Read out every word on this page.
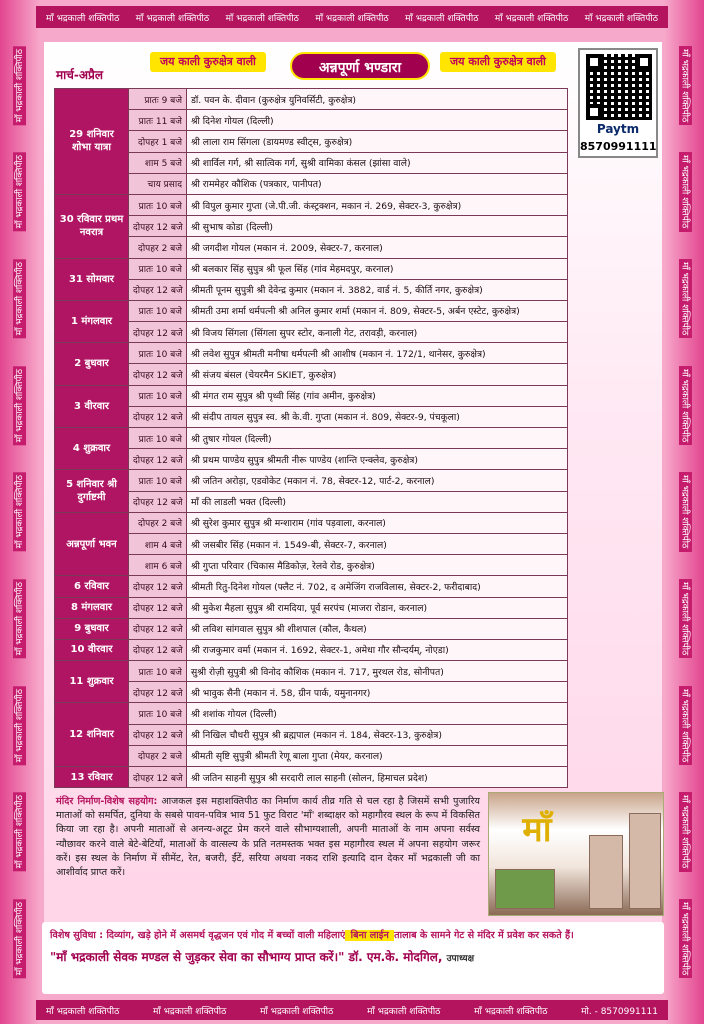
माँ भद्रकाली शक्तिपीठ माँ भद्रकाली शक्तिपीठ माँ भद्रकाली शक्तिपीठ माँ भद्रकाली शक्तिपीठ माँ भद्रकाली शक्तिपीठ माँ भद्रकाली शक्तिपीठ माँ भद्रकाली शक्तिपीठ
माँ भद्रकाली शक्तिपीठ
माँ भद्रकाली शक्तिपीठ
माँ भद्रकाली शक्तिपीठ
माँ भद्रकाली शक्तिपीठ
माँ भद्रकाली शक्तिपीठ
माँ भद्रकाली शक्तिपीठ
माँ भद्रकाली शक्तिपीठ
माँ भद्रकाली शक्तिपीठ
माँ भद्रकाली शक्तिपीठ
माँ भद्रकाली शक्तिपीठ
माँ भद्रकाली शक्तिपीठ
माँ भद्रकाली शक्तिपीठ
माँ भद्रकाली शक्तिपीठ
माँ भद्रकाली शक्तिपीठ
माँ भद्रकाली शक्तिपीठ
माँ भद्रकाली शक्तिपीठ
माँ भद्रकाली शक्तिपीठ
माँ भद्रकाली शक्तिपीठ
माँ भद्रकाली शक्तिपीठ	माँ भद्रकाली शक्तिपीठ	माँ भद्रकाली शक्तिपीठ	माँ भद्रकाली शक्तिपीठ	माँ भद्रकाली शक्तिपीठ	मो. - 8570991111
मार्च-अप्रैल
जय काली कुरुक्षेत्र वाली	अन्नपूर्णा भण्डारा	जय काली कुरुक्षेत्र वाली
Paytm
8570991111
29 शनिवार शोभा यात्रा	प्रातः 9 बजे	डॉ. पवन के. दीवान (कुरुक्षेत्र युनिवर्सिटी, कुरुक्षेत्र)
	प्रातः 11 बजे	श्री दिनेश गोयल (दिल्ली)
	दोपहर 1 बजे	श्री लाला राम सिंगला (डायमण्ड स्वीट्स, कुरुक्षेत्र)
	शाम 5 बजे	श्री शार्विल गर्ग, श्री सात्विक गर्ग, सुश्री वामिका कंसल (झांसा वाले)
	चाय प्रसाद	श्री राममेहर कौशिक (पत्रकार, पानीपत)
30 रविवार प्रथम नवरात्र	प्रातः 10 बजे	श्री विपुल कुमार गुप्ता (जे.पी.जी. कंस्ट्रक्शन, मकान नं. 269, सेक्टर-3, कुरुक्षेत्र)
	दोपहर 12 बजे	श्री सुभाष कोडा (दिल्ली)
	दोपहर 2 बजे	श्री जगदीश गोयल (मकान नं. 2009, सेक्टर-7, करनाल)
31 सोमवार	प्रातः 10 बजे	श्री बलकार सिंह सुपुत्र श्री फूल सिंह (गांव मेहमदपुर, करनाल)
	दोपहर 12 बजे	श्रीमती पूनम सुपुत्री श्री देवेन्द्र कुमार (मकान नं. 3882, वार्ड नं. 5, कीर्ति नगर, कुरुक्षेत्र)
1 मंगलवार	प्रातः 10 बजे	श्रीमती उमा शर्मा धर्मपत्नी श्री अनिल कुमार शर्मा (मकान नं. 809, सेक्टर-5, अर्बन एस्टेट, कुरुक्षेत्र)
	दोपहर 12 बजे	श्री विजय सिंगला (सिंगला सुपर स्टोर, कनाली गेट, तरावड़ी, करनाल)
2 बुधवार	प्रातः 10 बजे	श्री लवेश सुपुत्र श्रीमती मनीषा धर्मपत्नी श्री आशीष (मकान नं. 172/1, थानेसर, कुरुक्षेत्र)
	दोपहर 12 बजे	श्री संजय बंसल (चेयरमैन SKIET, कुरुक्षेत्र)
3 वीरवार	प्रातः 10 बजे	श्री मंगत राम सुपुत्र श्री पृथ्वी सिंह (गांव अमीन, कुरुक्षेत्र)
	दोपहर 12 बजे	श्री संदीप तायल सुपुत्र स्व. श्री के.वी. गुप्ता (मकान नं. 809, सेक्टर-9, पंचकूला)
4 शुक्रवार	प्रातः 10 बजे	श्री तुषार गोयल (दिल्ली)
	दोपहर 12 बजे	श्री प्रथम पाण्डेय सुपुत्र श्रीमती नीरू पाण्डेय (शान्ति एन्क्लेव, कुरुक्षेत्र)
5 शनिवार श्री दुर्गाष्टमी	प्रातः 10 बजे	श्री जतिन अरोड़ा, एडवोकेट (मकान नं. 78, सेक्टर-12, पार्ट-2, करनाल)
	दोपहर 12 बजे	माँ की लाडली भक्त (दिल्ली)
अन्नपूर्णा भवन	दोपहर 2 बजे	श्री सुरेश कुमार सुपुत्र श्री मन्शाराम (गांव पड़वाला, करनाल)
	शाम 4 बजे	श्री जसबीर सिंह (मकान नं. 1549-बी, सेक्टर-7, करनाल)
	शाम 6 बजे	श्री गुप्ता परिवार (चिकास मैडिकोज़, रेलवे रोड, कुरुक्षेत्र)
6 रविवार	दोपहर 12 बजे	श्रीमती रितु-दिनेश गोयल (फ्लैट नं. 702, द अमेजिंग राजविलास, सेक्टर-2, फरीदाबाद)
8 मंगलवार	दोपहर 12 बजे	श्री मुकेश मैहला सुपुत्र श्री रामदिया, पूर्व सरपंच (माजरा रोडान, करनाल)
9 बुधवार	दोपहर 12 बजे	श्री लविश सांगवाल सुपुत्र श्री शीशपाल (कौल, कैथल)
10 वीरवार	दोपहर 12 बजे	श्री राजकुमार वर्मा (मकान नं. 1692, सेक्टर-1, अमेधा गौर सौन्दर्यम्, नोएडा)
11 शुक्रवार	प्रातः 10 बजे	सुश्री रोज़ी सुपुत्री श्री विनोद कौशिक (मकान नं. 717, मुरथल रोड, सोनीपत)
	दोपहर 12 बजे	श्री भावुक सैनी (मकान नं. 58, ग्रीन पार्क, यमुनानगर)
12 शनिवार	प्रातः 10 बजे	श्री शशांक गोयल (दिल्ली)
	दोपहर 12 बजे	श्री निखिल चौधरी सुपुत्र श्री ब्रह्मपाल (मकान नं. 184, सेक्टर-13, कुरुक्षेत्र)
	दोपहर 2 बजे	श्रीमती सृष्टि सुपुत्री श्रीमती रेणू बाला गुप्ता (मेयर, करनाल)
13 रविवार	दोपहर 12 बजे	श्री जतिन साहनी सुपुत्र श्री सरदारी लाल साहनी (सोलन, हिमाचल प्रदेश)
मंदिर निर्माण-विशेष सहयोग: आजकल इस महाशक्तिपीठ का निर्माण कार्य तीव्र गति से चल रहा है जिसमें सभी पुजारिय माताओं को समर्पित, दुनिया के सबसे पावन-पवित्र भाव 51 फुट विराट 'माँ' शब्दाक्षर को महागौरव स्थल के रूप में विकसित किया जा रहा है। अपनी माताओं से अनन्य-अटूट प्रेम करने वाले सौभाग्यशाली, अपनी माताओं के नाम अपना सर्वस्व न्यौछावर करने वाले बेटे-बेटियाँ, माताओं के वात्सल्य के प्रति नतमस्तक भक्त इस महागौरव स्थल में अपना सहयोग जरूर करें। इस स्थल के निर्माण में सीमेंट, रेत, बजरी, ईंटें, सरिया अथवा नकद राशि इत्यादि दान देकर माँ भद्रकाली जी का आशीर्वाद प्राप्त करें।
माँ
विशेष सुविधा : दिव्यांग, खड़े होने में असमर्थ वृद्धजन एवं गोद में बच्चों वाली महिलाएं बिना लाईन तालाब के सामने गेट से मंदिर में प्रवेश कर सकते हैं।
"माँ भद्रकाली सेवक मण्डल से जुड़कर सेवा का सौभाग्य प्राप्त करें।" डॉ. एम.के. मोदगिल, उपाध्यक्ष
